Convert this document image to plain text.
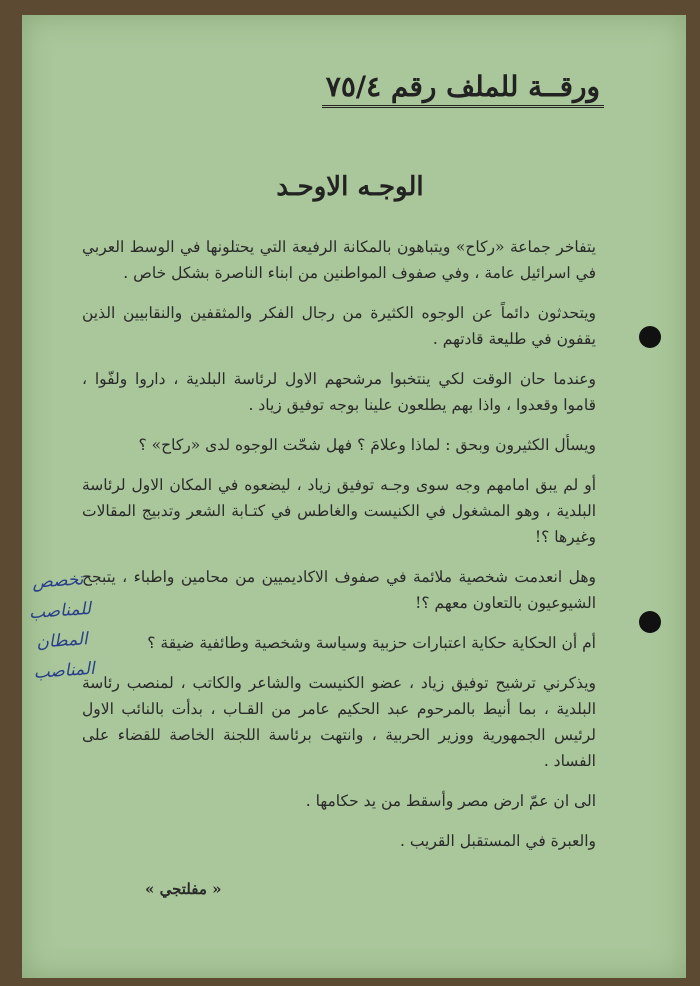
ورقــة للملف رقم ٧٥/٤
الوجـه الاوحـد

يتفاخر جماعة «ركاح» ويتباهون بالمكانة الرفيعة التي يحتلونها في الوسط العربي في اسرائيل عامة ، وفي صفوف المواطنين من ابناء الناصرة بشكل خاص .

ويتحدثون دائماً عن الوجوه الكثيرة من رجال الفكر والمثقفين والنقابيين الذين يقفون في طليعة قادتهم .

وعندما حان الوقت لكي ينتخبوا مرشحهم الاول لرئاسة البلدية ، داروا ولفّوا ، قاموا وقعدوا ، واذا بهم يطلعون علينا بوجه توفيق زياد .

ويسأل الكثيرون وبحق : لماذا وعلامَ ؟ فهل شحّت الوجوه لدى «ركاح» ؟

أو لم يبق امامهم وجه سوى وجـه توفيق زياد ، ليضعوه في المكان الاول لرئاسة البلدية ، وهو المشغول في الكنيست والغاطس في كتـابة الشعر وتدبيج المقالات وغيرها ؟!

وهل انعدمت شخصية ملائمة في صفوف الاكاديميين من محامين واطباء ، يتبجح الشيوعيون بالتعاون معهم ؟!

أم أن الحكاية حكاية اعتبارات حزبية وسياسة وشخصية وطائفية ضيقة ؟

ويذكرني ترشيح توفيق زياد ، عضو الكنيست والشاعر والكاتب ، لمنصب رئاسة البلدية ، بما أنيط بالمرحوم عبد الحكيم عامر من القـاب ، بدأت بالنائب الاول لرئيس الجمهورية ووزير الحربية ، وانتهت برئاسة اللجنة الخاصة للقضاء على الفساد .

الى ان عمّ ارض مصر وأسقط من يد حكامها .

والعبرة في المستقبل القريب .

« مفلتجي »
تخصص للمناصب المطان المناصب
